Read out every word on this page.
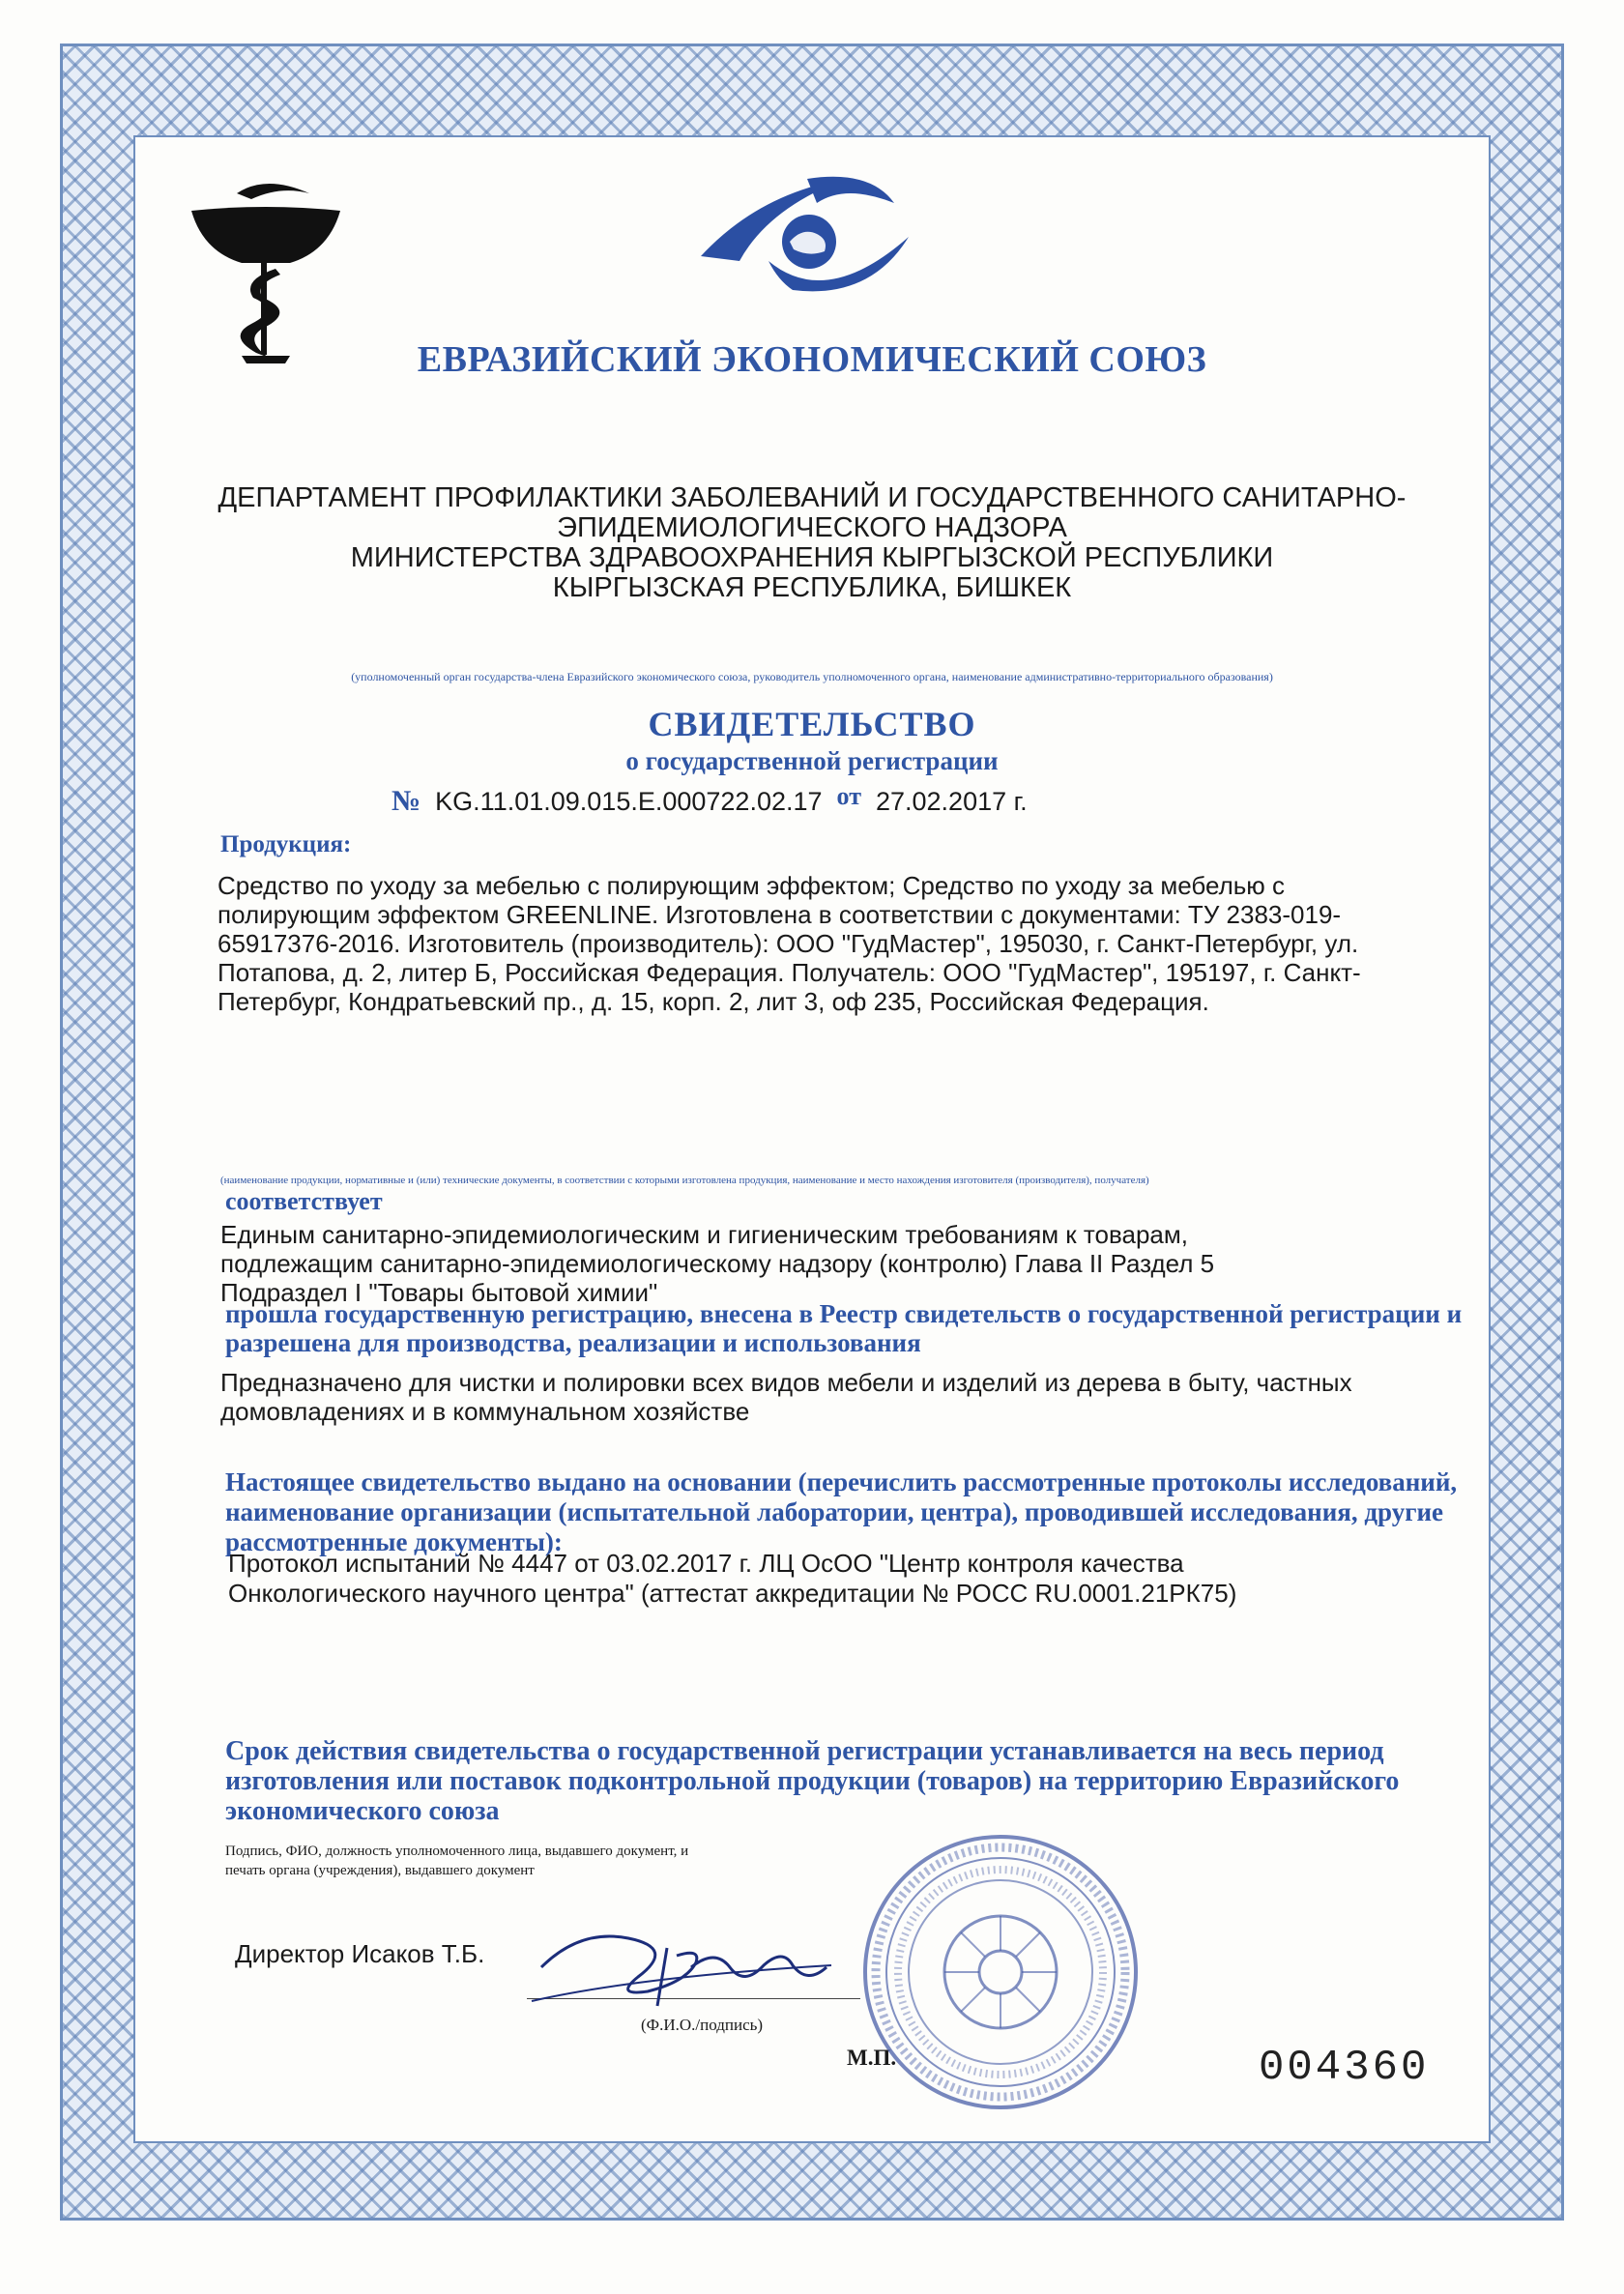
ЕВРАЗИЙСКИЙ ЭКОНОМИЧЕСКИЙ СОЮЗ
ДЕПАРТАМЕНТ ПРОФИЛАКТИКИ ЗАБОЛЕВАНИЙ И ГОСУДАРСТВЕННОГО САНИТАРНО-
ЭПИДЕМИОЛОГИЧЕСКОГО НАДЗОРА
МИНИСТЕРСТВА ЗДРАВООХРАНЕНИЯ КЫРГЫЗСКОЙ РЕСПУБЛИКИ
КЫРГЫЗСКАЯ РЕСПУБЛИКА, БИШКЕК
(уполномоченный орган государства-члена Евразийского экономического союза, руководитель уполномоченного органа, наименование административно-территориального образования)
СВИДЕТЕЛЬСТВО
о государственной регистрации
№ KG.11.01.09.015.Е.000722.02.17 от 27.02.2017 г.
Продукция:

Средство по уходу за мебелью с полирующим эффектом; Средство по уходу за мебелью с полирующим эффектом GREENLINE. Изготовлена в соответствии с документами: ТУ 2383-019-65917376-2016. Изготовитель (производитель): ООО "ГудМастер", 195030, г. Санкт-Петербург, ул. Потапова, д. 2, литер Б, Российская Федерация. Получатель: ООО "ГудМастер", 195197, г. Санкт-Петербург, Кондратьевский пр., д. 15, корп. 2, лит 3, оф 235, Российская Федерация.

(наименование продукции, нормативные и (или) технические документы, в соответствии с которыми изготовлена продукция, наименование и место нахождения изготовителя (производителя), получателя)
соответствует

Единым санитарно-эпидемиологическим и гигиеническим требованиям к товарам, подлежащим санитарно-эпидемиологическому надзору (контролю) Глава II Раздел 5 Подраздел I "Товары бытовой химии"

прошла государственную регистрацию, внесена в Реестр свидетельств о государственной регистрации и разрешена для производства, реализации и использования

Предназначено для чистки и полировки всех видов мебели и изделий из дерева в быту, частных домовладениях и в коммунальном хозяйстве

Настоящее свидетельство выдано на основании (перечислить рассмотренные протоколы исследований, наименование организации (испытательной лаборатории, центра), проводившей исследования, другие рассмотренные документы):

Протокол испытаний № 4447 от 03.02.2017 г. ЛЦ ОсОО "Центр контроля качества Онкологического научного центра" (аттестат аккредитации № РОСС RU.0001.21РК75)

Срок действия свидетельства о государственной регистрации устанавливается на весь период изготовления или поставок подконтрольной продукции (товаров) на территорию Евразийского экономического союза

Подпись, ФИО, должность уполномоченного лица, выдавшего документ, и печать органа (учреждения), выдавшего документ

Директор Исаков Т.Б.
(Ф.И.О./подпись)
М.П.	004360
